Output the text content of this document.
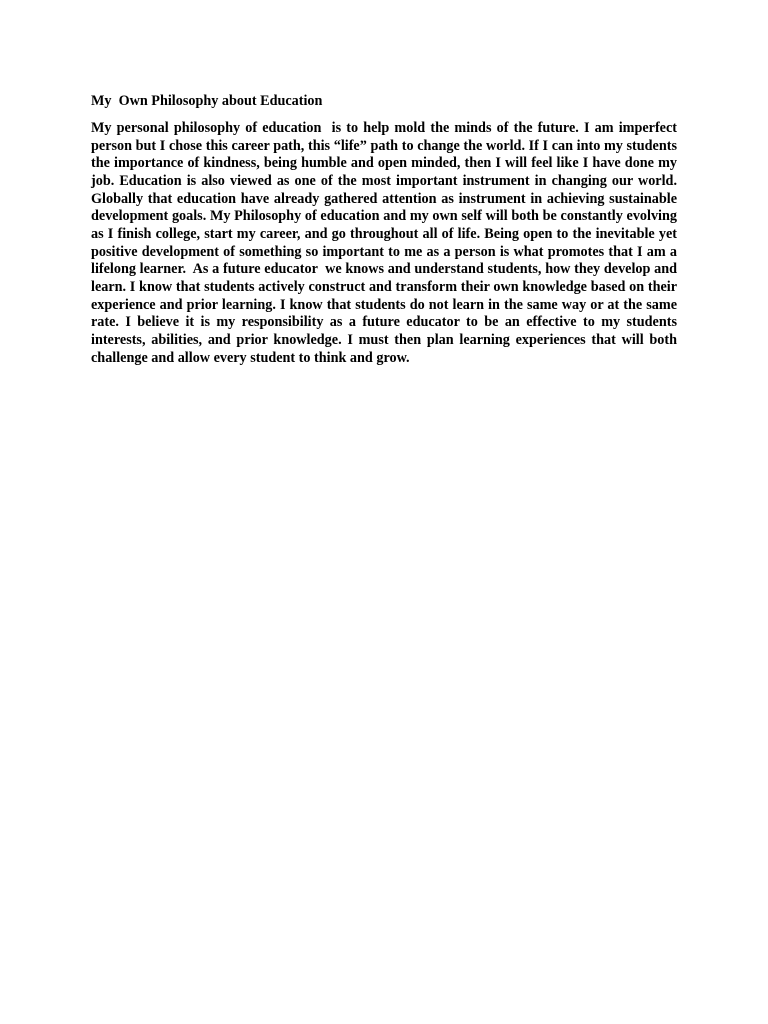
My  Own Philosophy about Education

My personal philosophy of education  is to help mold the minds of the future. I am imperfect person but I chose this career path, this “life” path to change the world. If I can into my students the importance of kindness, being humble and open minded, then I will feel like I have done my job. Education is also viewed as one of the most important instrument in changing our world. Globally that education have already gathered attention as instrument in achieving sustainable development goals. My Philosophy of education and my own self will both be constantly evolving as I finish college, start my career, and go throughout all of life. Being open to the inevitable yet positive development of something so important to me as a person is what promotes that I am a lifelong learner.  As a future educator  we knows and understand students, how they develop and learn. I know that students actively construct and transform their own knowledge based on their experience and prior learning. I know that students do not learn in the same way or at the same rate. I believe it is my responsibility as a future educator to be an effective to my students interests, abilities, and prior knowledge. I must then plan learning experiences that will both challenge and allow every student to think and grow.
